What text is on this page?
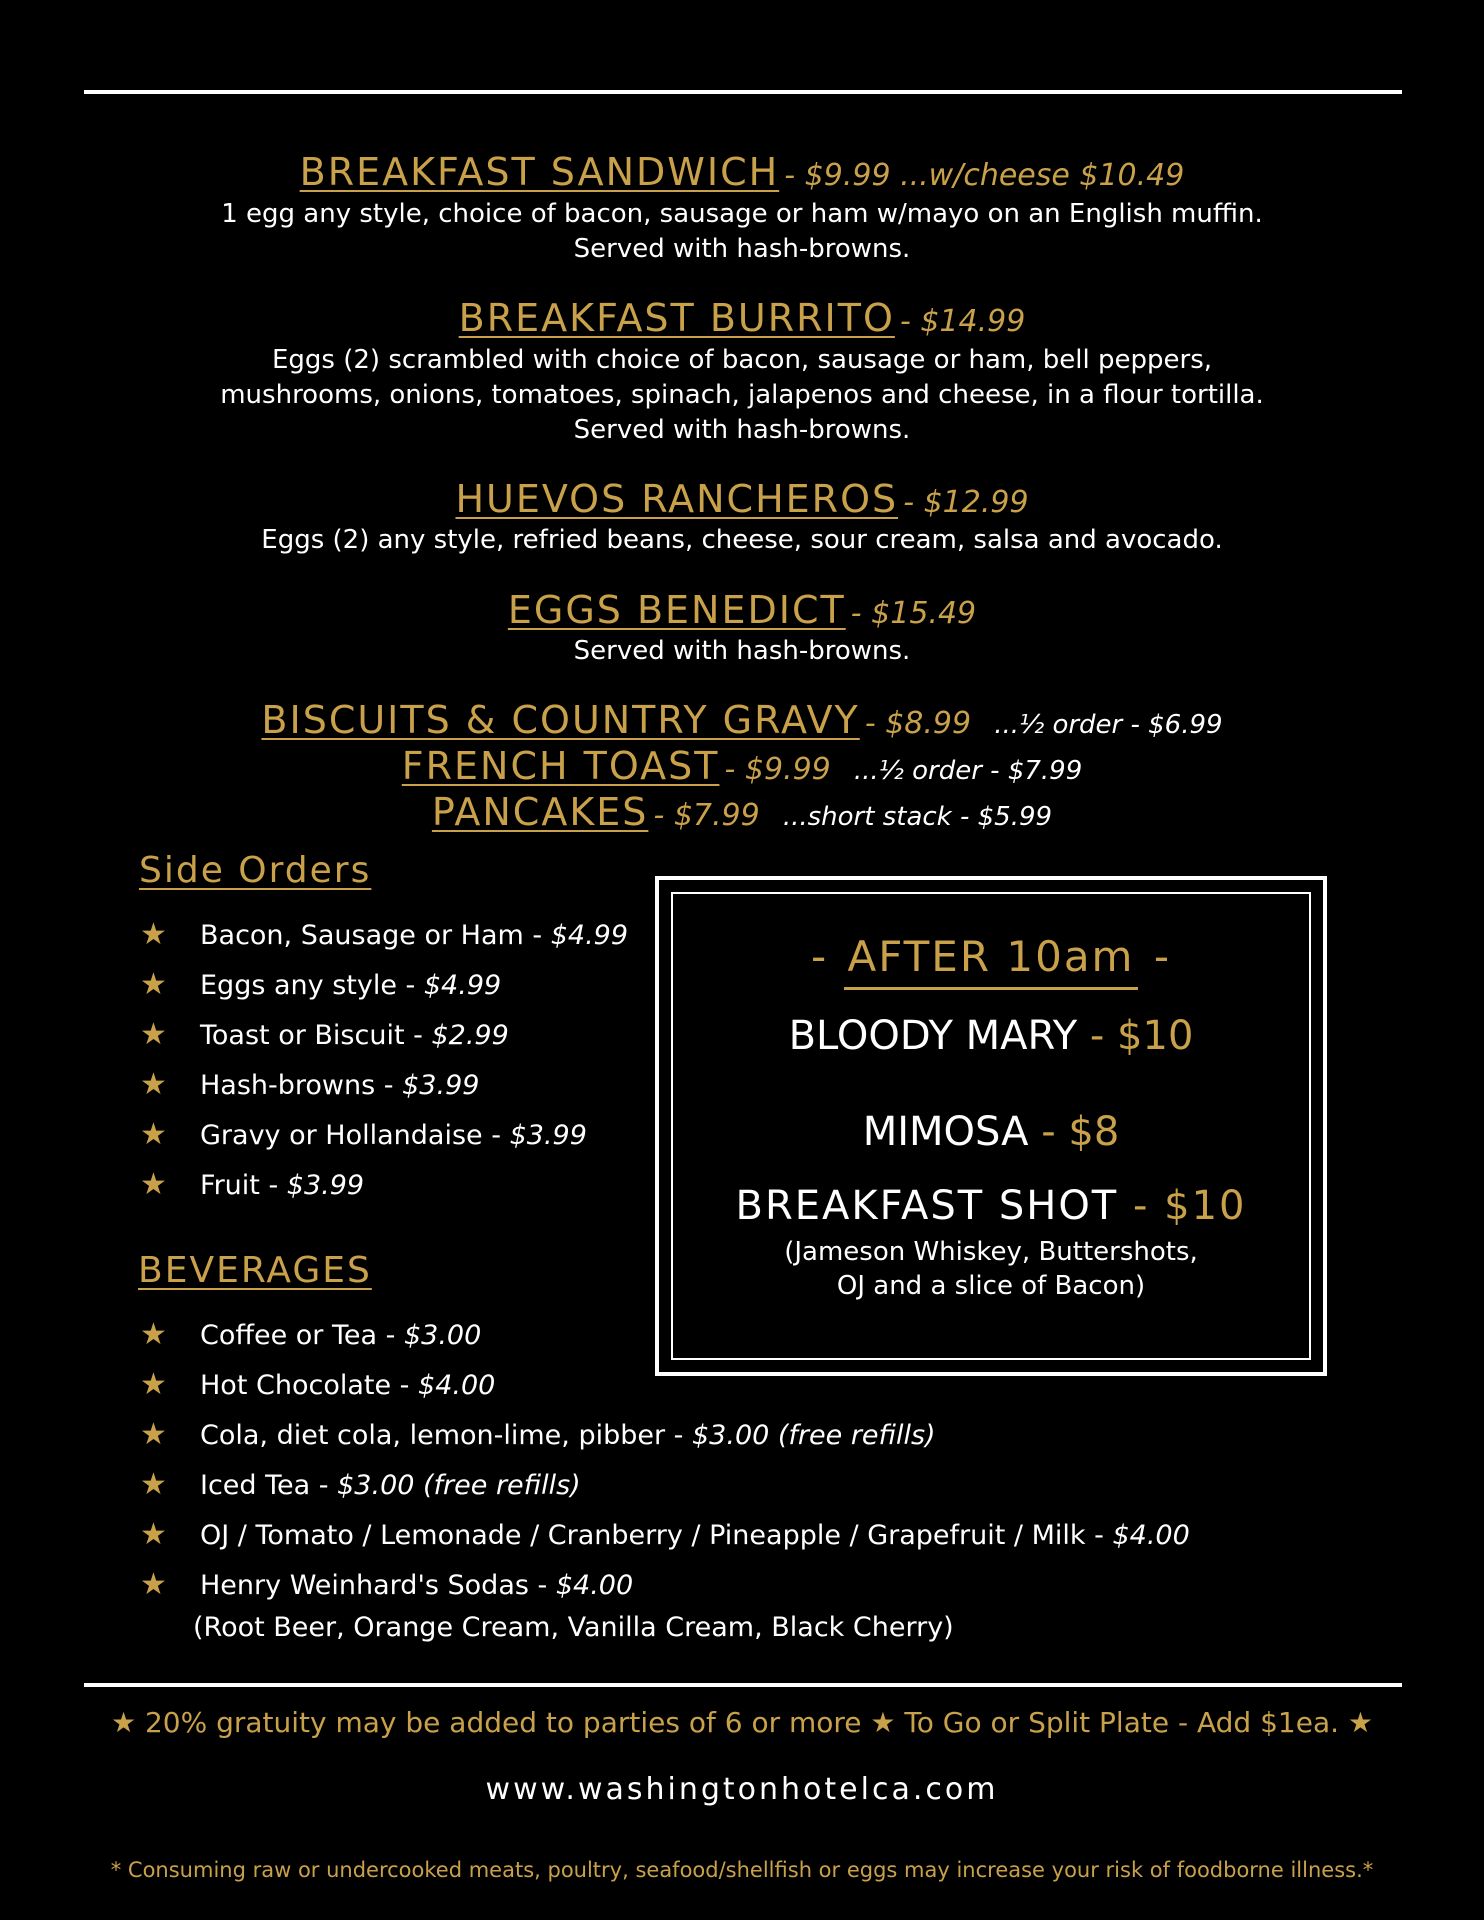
BREAKFAST SANDWICH - $9.99 ...w/cheese $10.49
1 egg any style, choice of bacon, sausage or ham w/mayo on an English muffin.
Served with hash-browns.
BREAKFAST BURRITO - $14.99
Eggs (2) scrambled with choice of bacon, sausage or ham, bell peppers,
mushrooms, onions, tomatoes, spinach, jalapenos and cheese, in a flour tortilla.
Served with hash-browns.
HUEVOS RANCHEROS - $12.99
Eggs (2) any style, refried beans, cheese, sour cream, salsa and avocado.
EGGS BENEDICT - $15.49
Served with hash-browns.
BISCUITS & COUNTRY GRAVY - $8.99 ...½ order - $6.99
FRENCH TOAST - $9.99 ...½ order - $7.99
PANCAKES - $7.99 ...short stack - $5.99
Side Orders
★ Bacon, Sausage or Ham - $4.99
★ Eggs any style - $4.99
★ Toast or Biscuit - $2.99
★ Hash-browns - $3.99
★ Gravy or Hollandaise - $3.99
★ Fruit - $3.99
BEVERAGES
★ Coffee or Tea - $3.00
★ Hot Chocolate - $4.00
★ Cola, diet cola, lemon-lime, pibber - $3.00 (free refills)
★ Iced Tea - $3.00 (free refills)
★ OJ / Tomato / Lemonade / Cranberry / Pineapple / Grapefruit / Milk - $4.00
★ Henry Weinhard's Sodas - $4.00
(Root Beer, Orange Cream, Vanilla Cream, Black Cherry)
- AFTER 10am -
BLOODY MARY - $10
MIMOSA - $8
BREAKFAST SHOT - $10
(Jameson Whiskey, Buttershots,
OJ and a slice of Bacon)
★ 20% gratuity may be added to parties of 6 or more ★ To Go or Split Plate - Add $1ea. ★
www.washingtonhotelca.com
* Consuming raw or undercooked meats, poultry, seafood/shellfish or eggs may increase your risk of foodborne illness.*
